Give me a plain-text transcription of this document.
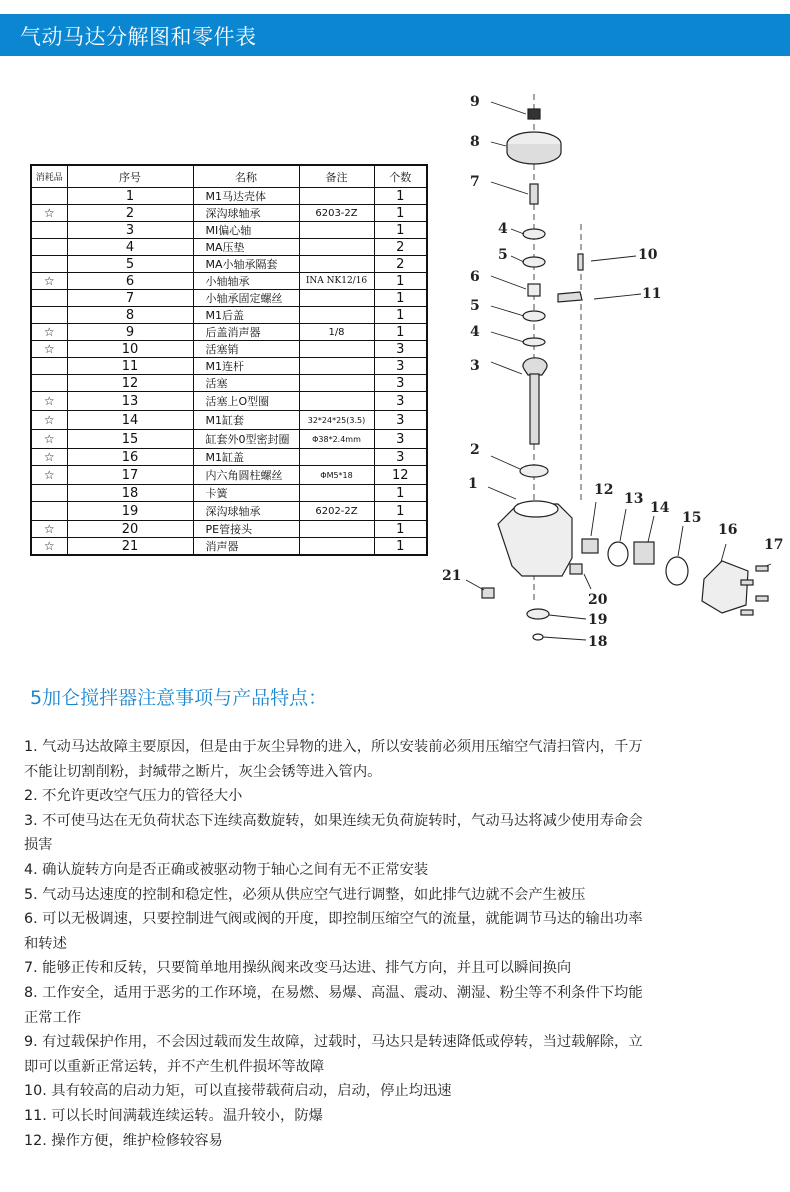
气动马达分解图和零件表
消耗品	序号	名称	备注	个数
	1	M1马达壳体		1
☆	2	深沟球轴承	6203-2Z	1
	3	MI偏心轴		1
	4	MA压垫		2
	5	MA小轴承隔套		2
☆	6	小轴轴承	INA NK12/16	1
	7	小轴承固定螺丝		1
	8	M1后盖		1
☆	9	后盖消声器	1/8	1
☆	10	活塞销		3
	11	M1连杆		3
	12	活塞		3
☆	13	活塞上O型圈		3
☆	14	M1缸套	32*24*25(3.5)	3
☆	15	缸套外0型密封圈	Φ38*2.4mm	3
☆	16	M1缸盖		3
☆	17	内六角圆柱螺丝	ΦM5*18	12
	18	卡簧		1
	19	深沟球轴承	6202-2Z	1
☆	20	PE管接头		1
☆	21	消声器		1
9
8
7
4
5
6
5
4
3
2
1
10
11
12
13
14
15
16
17
18
19
20
21
5加仑搅拌器注意事项与产品特点：
1. 气动马达故障主要原因，但是由于灰尘异物的进入，所以安装前必须用压缩空气清扫管内，千万
不能让切割削粉，封缄带之断片，灰尘会锈等进入管内。
2. 不允许更改空气压力的管径大小
3. 不可使马达在无负荷状态下连续高数旋转，如果连续无负荷旋转时，气动马达将减少使用寿命会
损害
4. 确认旋转方向是否正确或被驱动物于轴心之间有无不正常安装
5. 气动马达速度的控制和稳定性，必须从供应空气进行调整，如此排气边就不会产生被压
6. 可以无极调速，只要控制进气阀或阀的开度，即控制压缩空气的流量，就能调节马达的输出功率
和转述
7. 能够正传和反转，只要简单地用操纵阀来改变马达进、排气方向，并且可以瞬间换向
8. 工作安全，适用于恶劣的工作环境，在易燃、易爆、高温、震动、潮湿、粉尘等不利条件下均能
正常工作
9. 有过载保护作用，不会因过载而发生故障，过载时，马达只是转速降低或停转，当过载解除，立
即可以重新正常运转，并不产生机件损坏等故障
10. 具有较高的启动力矩，可以直接带载荷启动，启动，停止均迅速
11. 可以长时间满载连续运转。温升较小，防爆
12. 操作方便，维护检修较容易
